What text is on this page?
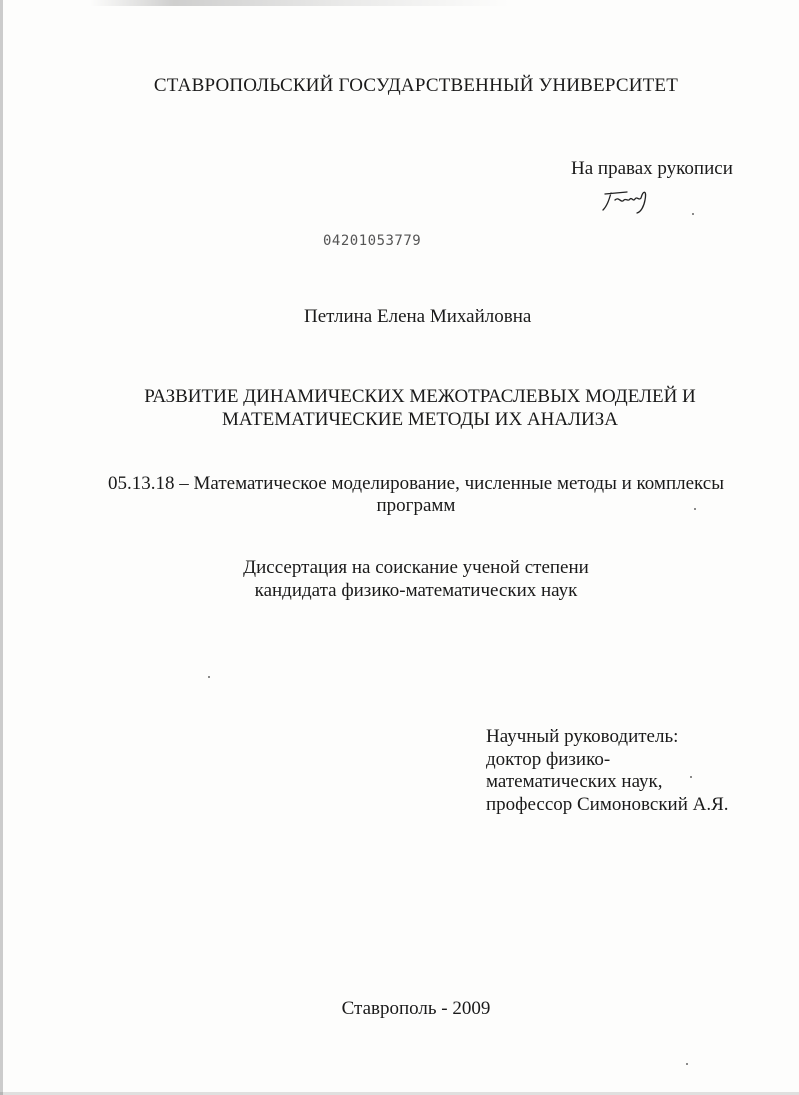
СТАВРОПОЛЬСКИЙ ГОСУДАРСТВЕННЫЙ УНИВЕРСИТЕТ
На правах рукописи
04201053779
Петлина Елена Михайловна
РАЗВИТИЕ ДИНАМИЧЕСКИХ МЕЖОТРАСЛЕВЫХ МОДЕЛЕЙ И
МАТЕМАТИЧЕСКИЕ МЕТОДЫ ИХ АНАЛИЗА
05.13.18 – Математическое моделирование, численные методы и комплексы
программ
Диссертация на соискание ученой степени
кандидата физико-математических наук
Научный руководитель:
доктор физико-
математических наук,
профессор Симоновский А.Я.
Ставрополь - 2009
